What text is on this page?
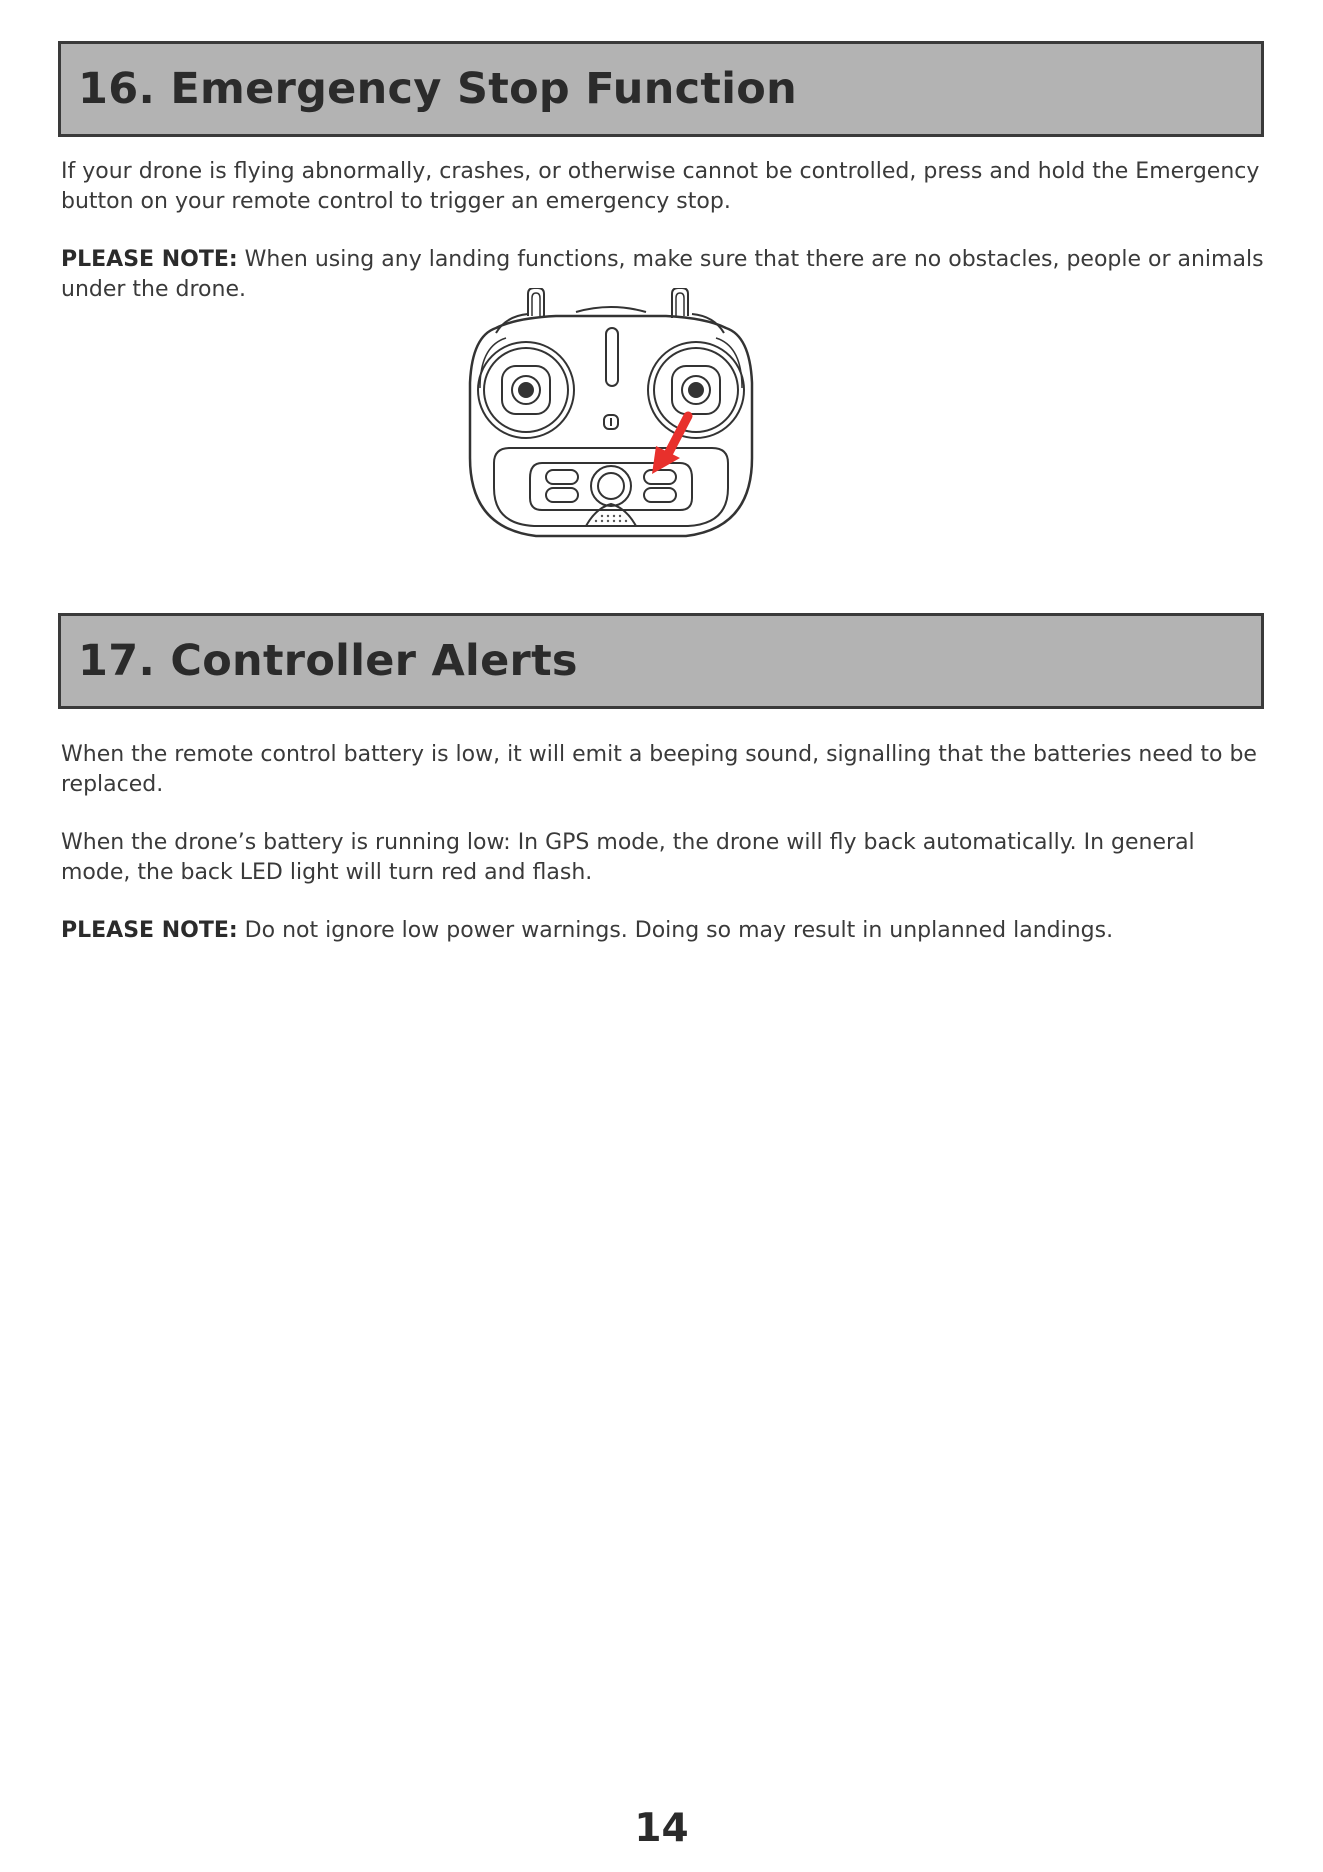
16. Emergency Stop Function

If your drone is flying abnormally, crashes, or otherwise cannot be controlled, press and hold the Emergency button on your remote control to trigger an emergency stop.

PLEASE NOTE: When using any landing functions, make sure that there are no obstacles, people or animals under the drone.

17. Controller Alerts

When the remote control battery is low, it will emit a beeping sound, signalling that the batteries need to be replaced.

When the drone’s battery is running low: In GPS mode, the drone will fly back automatically. In general mode, the back LED light will turn red and flash.

PLEASE NOTE: Do not ignore low power warnings. Doing so may result in unplanned landings.

14
